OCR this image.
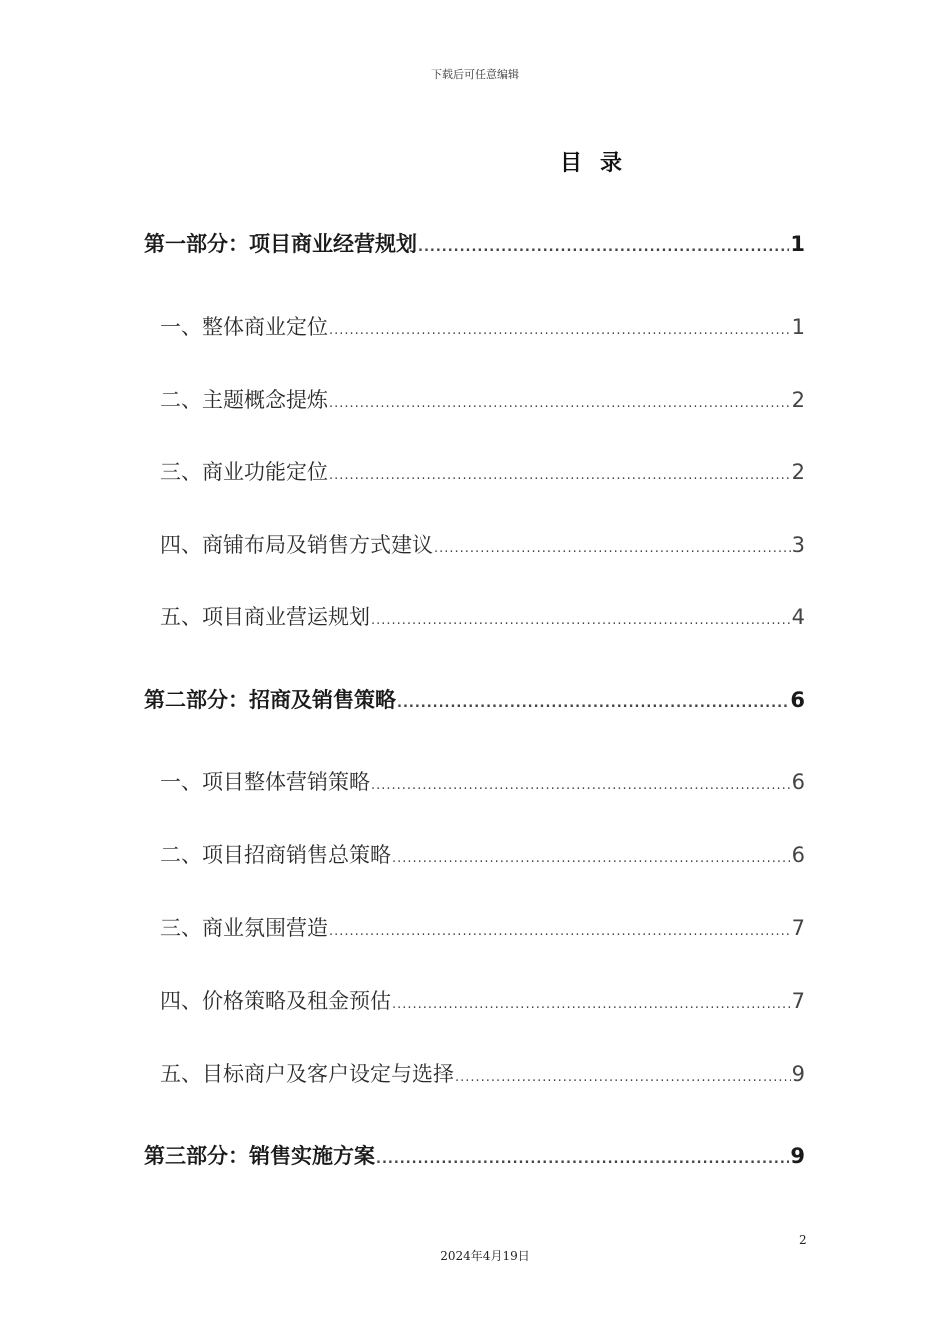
下载后可任意编辑
目录
第一部分：项目商业经营规划 .....	1
一、整体商业定位 .....	1
二、主题概念提炼 .....	2
三、商业功能定位 .....	2
四、商铺布局及销售方式建议 .....	3
五、项目商业营运规划 .....	4
第二部分：招商及销售策略 .....	6
一、项目整体营销策略 .....	6
二、项目招商销售总策略 .....	6
三、商业氛围营造 .....	7
四、价格策略及租金预估 .....	7
五、目标商户及客户设定与选择 .....	9
第三部分：销售实施方案 .....	9
2
2024年4月19日
